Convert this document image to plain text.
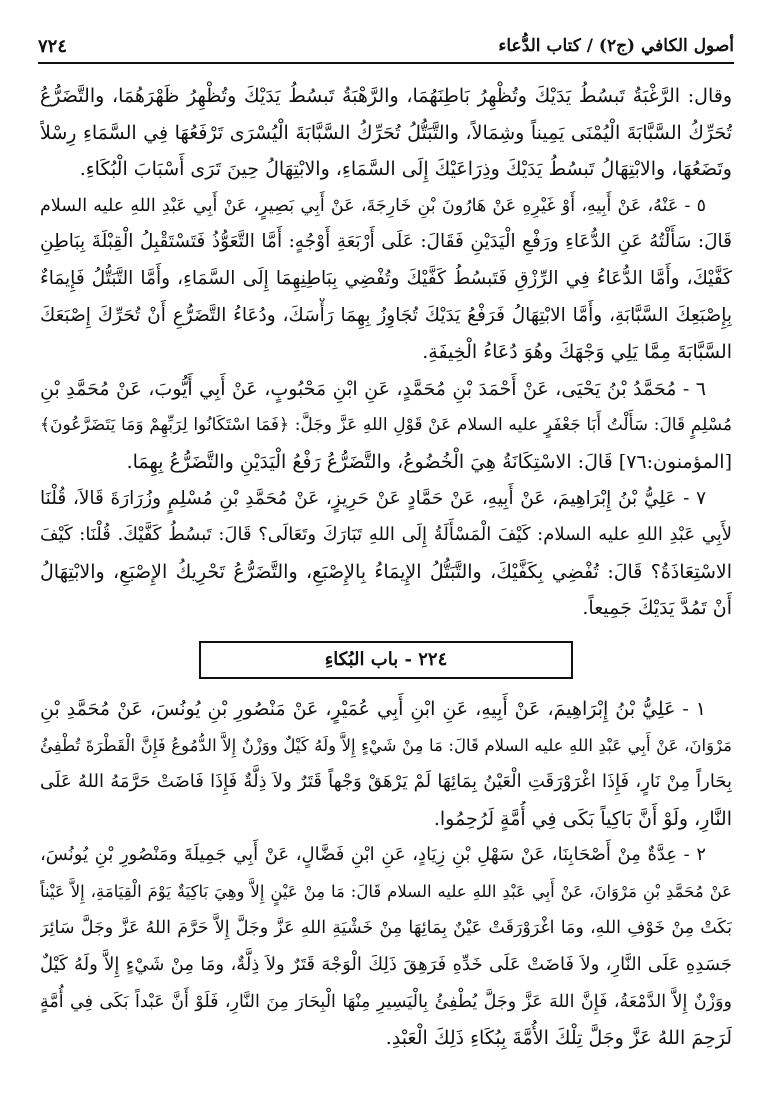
أصول الكافي (ج٢) / كتاب الدُّعاء
٧٢٤
وقال: الرَّغْبَةُ تَبسُطُ يَدَيْكَ وتُظْهِرُ بَاطِنَهُمَا، والرَّهْبَةُ تَبسُطُ يَدَيْكَ وتُظْهِرُ ظَهْرَهُمَا، والتَّضَرُّعُ
تُحَرِّكُ السَّبَّابَةَ الْيُمْنَى يَمِيناً وشِمَالاً، والتَّبَتُّلُ تُحَرِّكُ السَّبَّابَةَ الْيُسْرَى تَرْفَعُهَا فِي السَّمَاءِ رِسْلاً
وتَضَعُهَا، والابْتِهَالُ تَبسُطُ يَدَيْكَ وذِرَاعَيْكَ إِلَى السَّمَاءِ، والابْتِهَالُ حِينَ تَرَى أَسْبَابَ الْبُكَاءِ.
٥ - عَنْهُ، عَنْ أَبِيهِ، أَوْ غَيْرِهِ عَنْ هَارُونَ بْنِ خَارِجَةَ، عَنْ أَبِي بَصِيرٍ، عَنْ أَبِي عَبْدِ اللهِ عليه السلام
قَالَ: سَأَلْتُهُ عَنِ الدُّعَاءِ ورَفْعِ الْيَدَيْنِ فَقَالَ: عَلَى أَرْبَعَةِ أَوْجُهٍ: أَمَّا التَّعَوُّذُ فَتَسْتَقْبِلُ الْقِبْلَةَ بِبَاطِنِ
كَفَّيْكَ، وأَمَّا الدُّعَاءُ فِي الرِّزْقِ فَتَبسُطُ كَفَّيْكَ وتُفْضِي بِبَاطِنِهِمَا إِلَى السَّمَاءِ، وأَمَّا التَّبَتُّلُ فَإِيمَاءٌ
بِإِصْبَعِكَ السَّبَّابَةِ، وأَمَّا الابْتِهَالُ فَرَفْعُ يَدَيْكَ تُجَاوِزُ بِهِمَا رَأْسَكَ، ودُعَاءُ التَّضَرُّعِ أَنْ تُحَرِّكَ إِصْبَعَكَ
السَّبَّابَةَ مِمَّا يَلِي وَجْهَكَ وهُوَ دُعَاءُ الْخِيفَةِ.
٦ - مُحَمَّدُ بْنُ يَحْيَى، عَنْ أَحْمَدَ بْنِ مُحَمَّدٍ، عَنِ ابْنِ مَحْبُوبٍ، عَنْ أَبِي أَيُّوبَ، عَنْ مُحَمَّدِ بْنِ
مُسْلِمٍ قَالَ: سَأَلْتُ أَبَا جَعْفَرٍ عليه السلام عَنْ قَوْلِ اللهِ عَزَّ وجَلَّ: ﴿فَمَا اسْتَكَانُوا لِرَبِّهِمْ وَمَا يَتَضَرَّعُونَ﴾
[المؤمنون:٧٦] قَالَ: الاسْتِكَانَةُ هِيَ الْخُضُوعُ، والتَّضَرُّعُ رَفْعُ الْيَدَيْنِ والتَّضَرُّعُ بِهِمَا.
٧ - عَلِيُّ بْنُ إِبْرَاهِيمَ، عَنْ أَبِيهِ، عَنْ حَمَّادٍ عَنْ حَرِيزٍ، عَنْ مُحَمَّدِ بْنِ مُسْلِمٍ وزُرَارَةَ قَالاَ، قُلْنَا
لأَبِي عَبْدِ اللهِ عليه السلام: كَيْفَ الْمَسْأَلَةُ إِلَى اللهِ تَبَارَكَ وتَعَالَى؟ قَالَ: تَبسُطُ كَفَّيْكَ. قُلْنَا: كَيْفَ
الاسْتِعَاذَةُ؟ قَالَ: تُفْضِي بِكَفَّيْكَ، والتَّبَتُّلُ الإِيمَاءُ بِالإِصْبَعِ، والتَّضَرُّعُ تَحْرِيكُ الإِصْبَعِ، والابْتِهَالُ
أَنْ تَمُدَّ يَدَيْكَ جَمِيعاً.
٢٢٤ - باب البُكاءِ
١ - عَلِيُّ بْنُ إِبْرَاهِيمَ، عَنْ أَبِيهِ، عَنِ ابْنِ أَبِي عُمَيْرٍ، عَنْ مَنْصُورِ بْنِ يُونُسَ، عَنْ مُحَمَّدِ بْنِ
مَرْوَانَ، عَنْ أَبِي عَبْدِ اللهِ عليه السلام قَالَ: مَا مِنْ شَيْءٍ إِلاَّ ولَهُ كَيْلٌ ووَزْنٌ إِلاَّ الدُّمُوعُ فَإِنَّ الْقَطْرَةَ تُطْفِئُ
بِحَاراً مِنْ نَارٍ، فَإِذَا اغْرَوْرَقَتِ الْعَيْنُ بِمَائِهَا لَمْ يَرْهَقْ وَجْهاً قَتَرٌ ولاَ ذِلَّةٌ فَإِذَا فَاضَتْ حَرَّمَهُ اللهُ عَلَى
النَّارِ، ولَوْ أَنَّ بَاكِياً بَكَى فِي أُمَّةٍ لَرُحِمُوا.
٢ - عِدَّةٌ مِنْ أَصْحَابِنَا، عَنْ سَهْلِ بْنِ زِيَادٍ، عَنِ ابْنِ فَضَّالٍ، عَنْ أَبِي جَمِيلَةَ ومَنْصُورِ بْنِ يُونُسَ،
عَنْ مُحَمَّدِ بْنِ مَرْوَانَ، عَنْ أَبِي عَبْدِ اللهِ عليه السلام قَالَ: مَا مِنْ عَيْنٍ إِلاَّ وهِيَ بَاكِيَةٌ يَوْمَ الْقِيَامَةِ، إِلاَّ عَيْناً
بَكَتْ مِنْ خَوْفِ اللهِ، ومَا اغْرَوْرَقَتْ عَيْنٌ بِمَائِهَا مِنْ خَشْيَةِ اللهِ عَزَّ وجَلَّ إِلاَّ حَرَّمَ اللهُ عَزَّ وجَلَّ سَائِرَ
جَسَدِهِ عَلَى النَّارِ، ولاَ فَاضَتْ عَلَى خَدِّهِ فَرَهِقَ ذَلِكَ الْوَجْهَ قَتَرٌ ولاَ ذِلَّةٌ، ومَا مِنْ شَيْءٍ إِلاَّ ولَهُ كَيْلٌ
ووَزْنٌ إِلاَّ الدَّمْعَةُ، فَإِنَّ اللهَ عَزَّ وجَلَّ يُطْفِئُ بِالْيَسِيرِ مِنْهَا الْبِحَارَ مِنَ النَّارِ، فَلَوْ أَنَّ عَبْداً بَكَى فِي أُمَّةٍ
لَرَحِمَ اللهُ عَزَّ وجَلَّ تِلْكَ الأُمَّةَ بِبُكَاءِ ذَلِكَ الْعَبْدِ.
